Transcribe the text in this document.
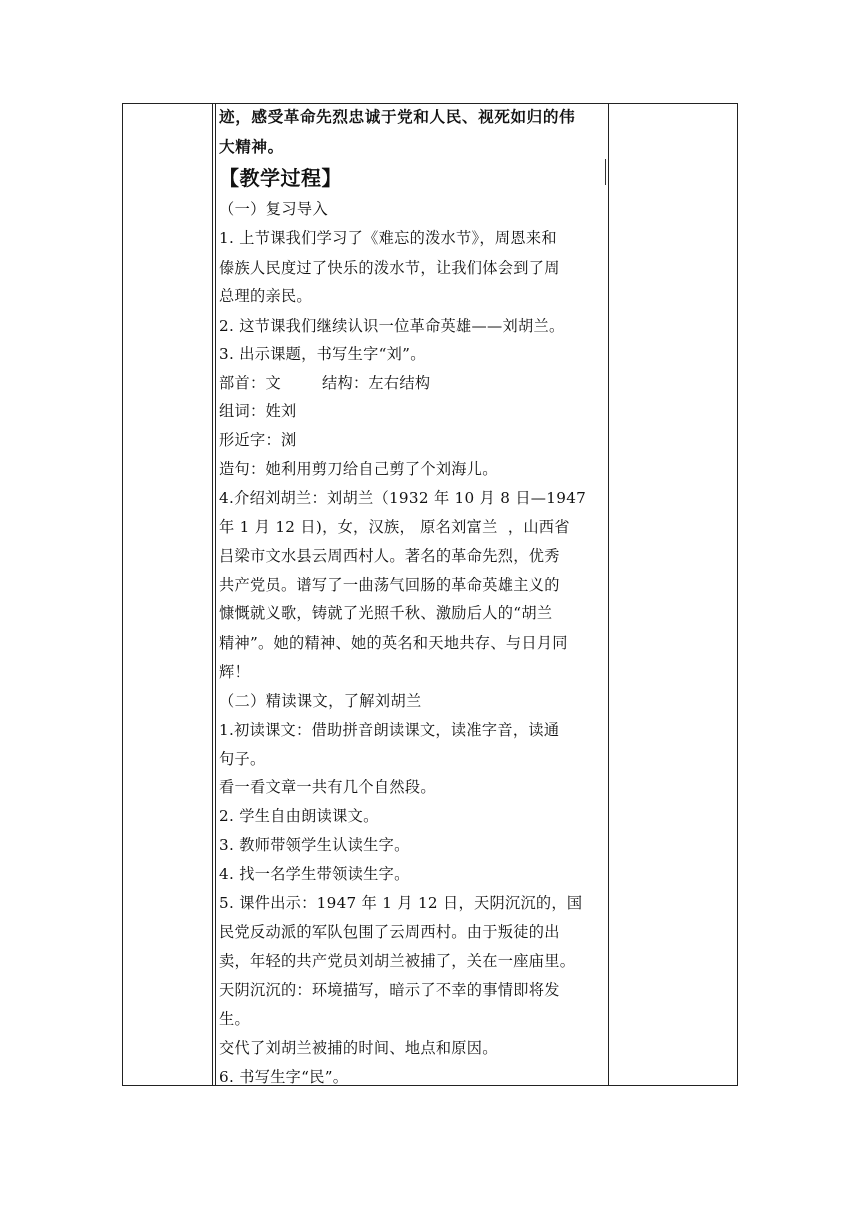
迹，感受革命先烈忠诚于党和人民、视死如归的伟
大精神。
【教学过程】
（一）复习导入
1. 上节课我们学习了《难忘的泼水节》，周恩来和
傣族人民度过了快乐的泼水节，让我们体会到了周
总理的亲民。
2. 这节课我们继续认识一位革命英雄——刘胡兰。
3. 出示课题，书写生字“刘”。
部首：文        结构：左右结构
组词：姓刘
形近字：浏
造句：她利用剪刀给自己剪了个刘海儿。
4.介绍刘胡兰：刘胡兰（1932 年 10 月 8 日—1947
年 1 月 12 日)，女，汉族， 原名刘富兰  ，山西省
吕梁市文水县云周西村人。著名的革命先烈，优秀
共产党员。谱写了一曲荡气回肠的革命英雄主义的
慷慨就义歌，铸就了光照千秋、激励后人的“胡兰
精神”。她的精神、她的英名和天地共存、与日月同
辉！
（二）精读课文，了解刘胡兰
1.初读课文：借助拼音朗读课文，读准字音，读通
句子。
看一看文章一共有几个自然段。
2. 学生自由朗读课文。
3. 教师带领学生认读生字。
4. 找一名学生带领读生字。
5. 课件出示：1947 年 1 月 12 日，天阴沉沉的，国
民党反动派的军队包围了云周西村。由于叛徒的出
卖，年轻的共产党员刘胡兰被捕了，关在一座庙里。
天阴沉沉的：环境描写，暗示了不幸的事情即将发
生。
交代了刘胡兰被捕的时间、地点和原因。
6. 书写生字“民”。
